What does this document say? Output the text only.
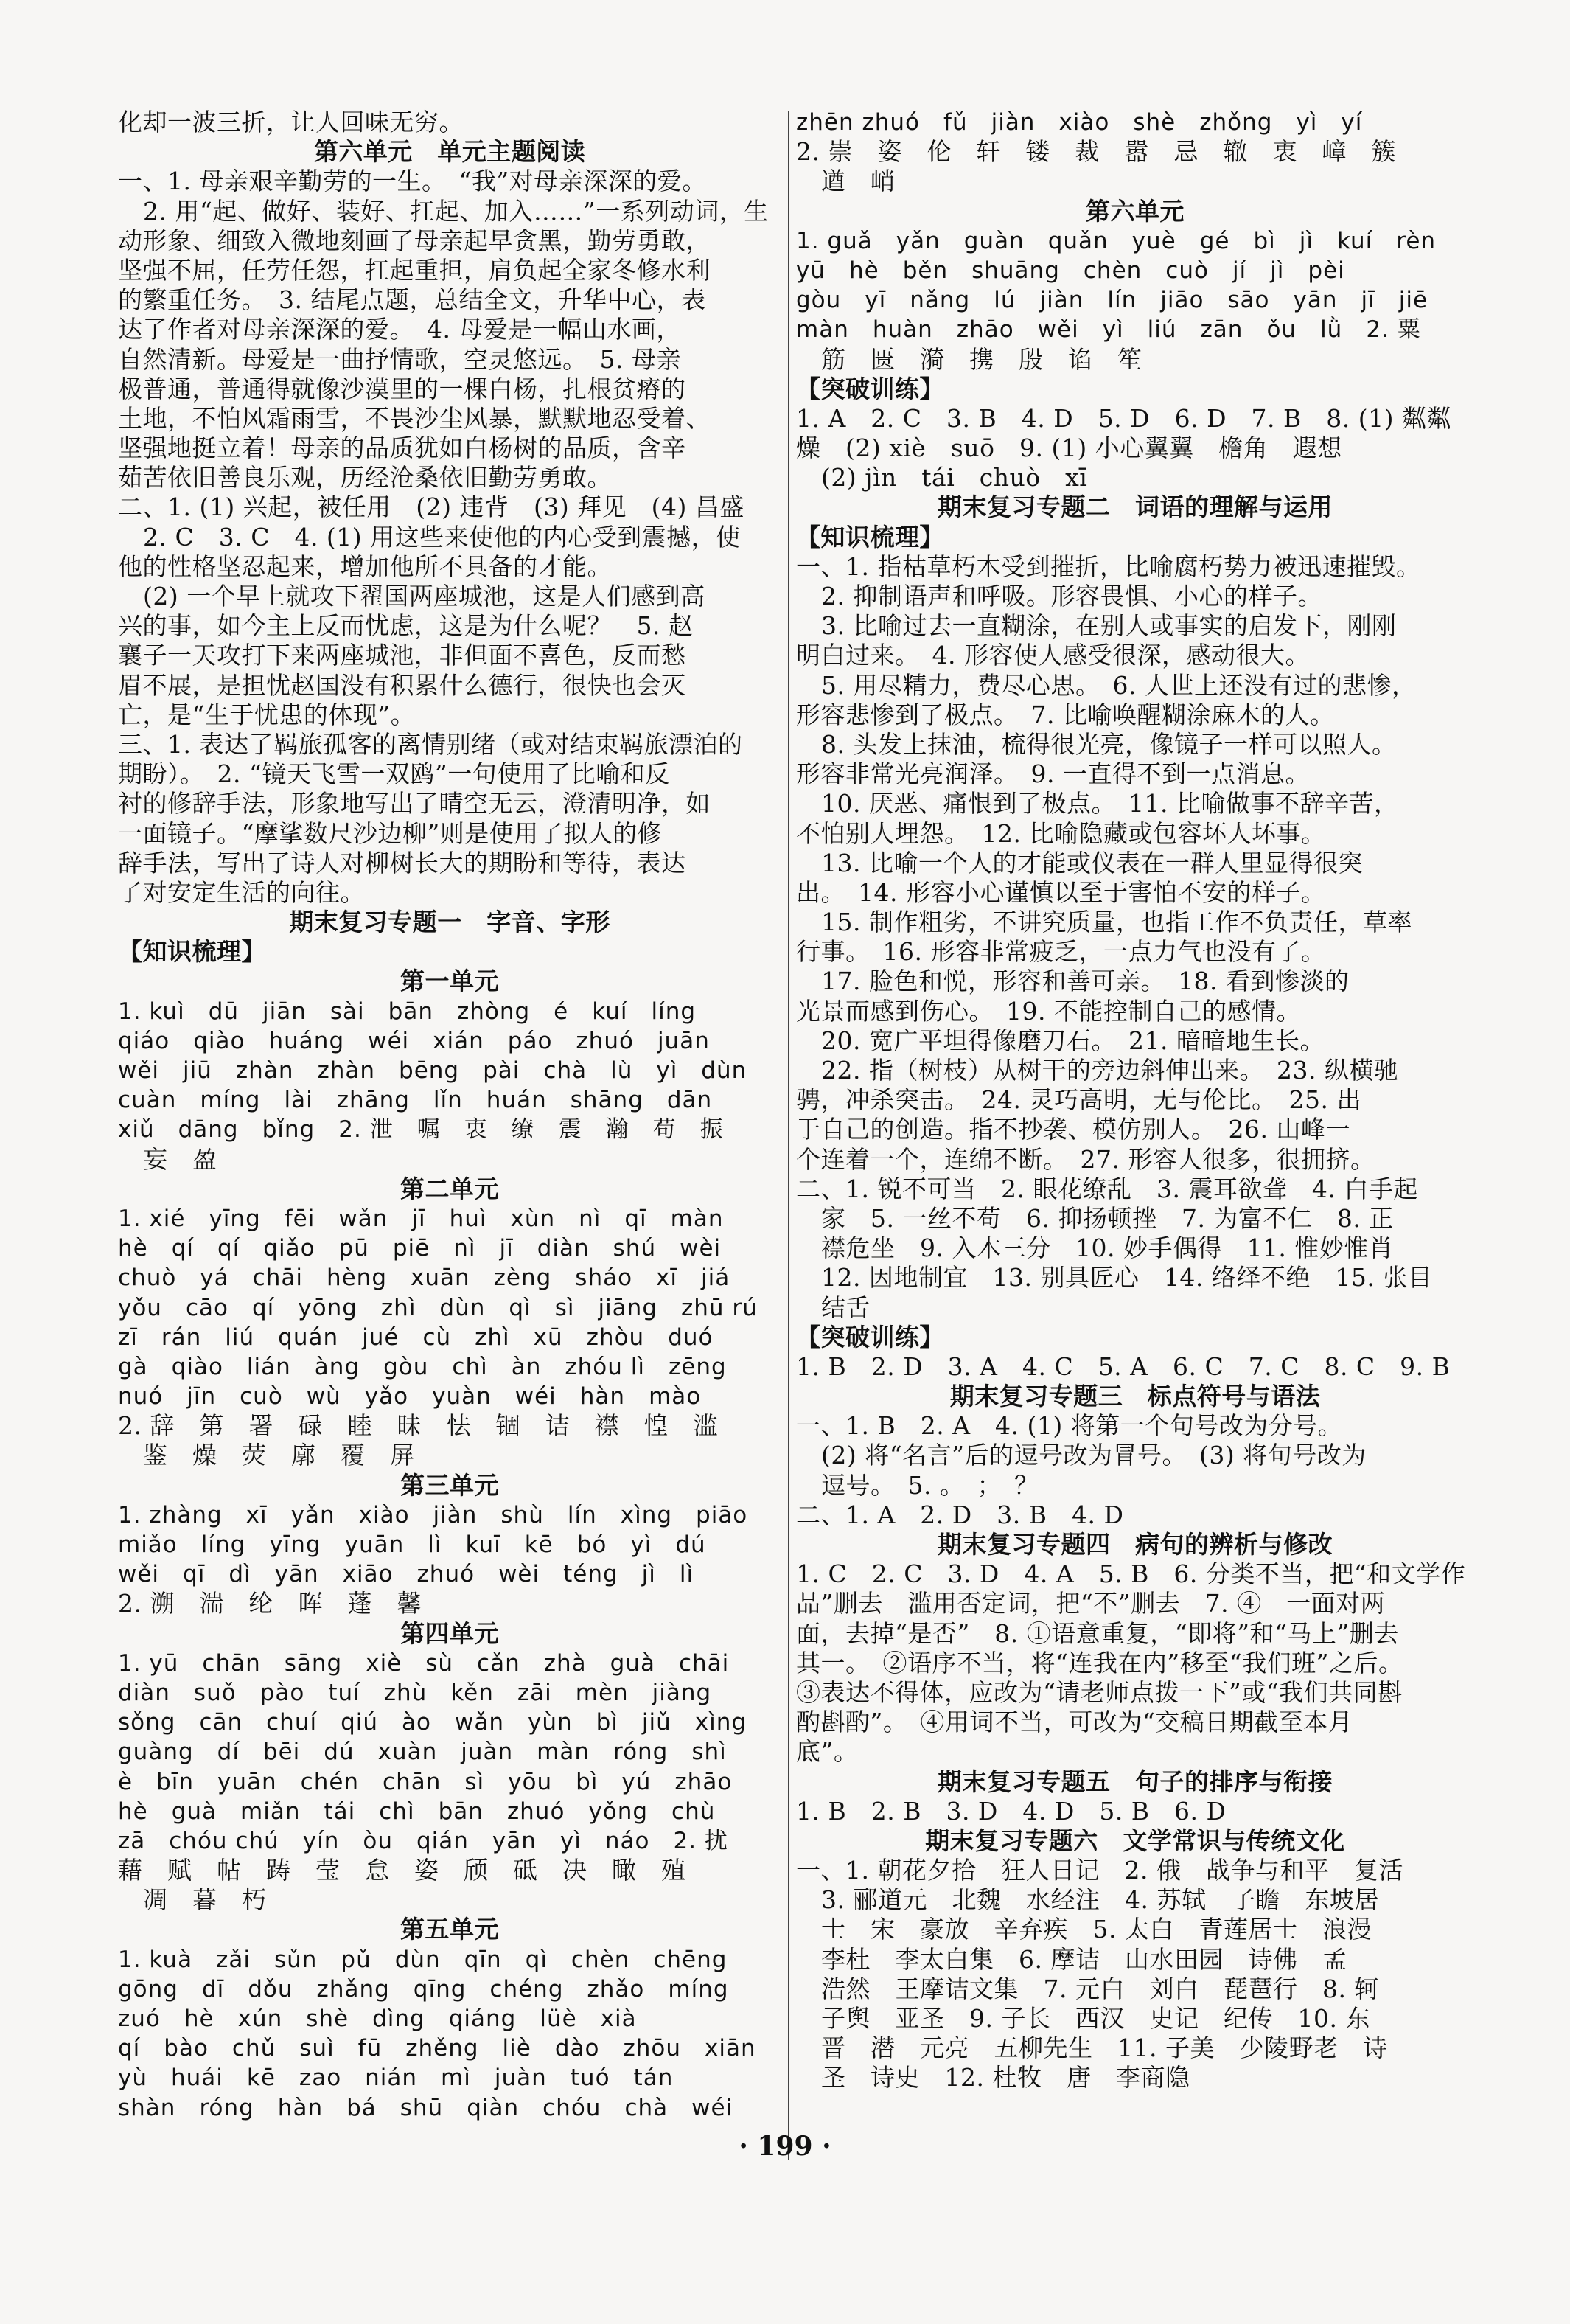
化却一波三折，让人回味无穷。
第六单元　单元主题阅读
一、1. 母亲艰辛勤劳的一生。　“我”对母亲深深的爱。
2. 用“起、做好、装好、扛起、加入……”一系列动词，生
动形象、细致入微地刻画了母亲起早贪黑，勤劳勇敢，
坚强不屈，任劳任怨，扛起重担，肩负起全家冬修水利
的繁重任务。　3. 结尾点题，总结全文，升华中心，表
达了作者对母亲深深的爱。　4. 母爱是一幅山水画，
自然清新。母爱是一曲抒情歌，空灵悠远。　5. 母亲
极普通，普通得就像沙漠里的一棵白杨，扎根贫瘠的
土地，不怕风霜雨雪，不畏沙尘风暴，默默地忍受着、
坚强地挺立着！母亲的品质犹如白杨树的品质，含辛
茹苦依旧善良乐观，历经沧桑依旧勤劳勇敢。
二、1. (1) 兴起，被任用　(2) 违背　(3) 拜见　(4) 昌盛
2. C　3. C　4. (1) 用这些来使他的内心受到震撼，使
他的性格坚忍起来，增加他所不具备的才能。
(2) 一个早上就攻下翟国两座城池，这是人们感到高
兴的事，如今主上反而忧虑，这是为什么呢？　5. 赵
襄子一天攻打下来两座城池，非但面不喜色，反而愁
眉不展，是担忧赵国没有积累什么德行，很快也会灭
亡，是“生于忧患的体现”。
三、1. 表达了羁旅孤客的离情别绪（或对结束羁旅漂泊的
期盼）。　2. “镜天飞雪一双鸥”一句使用了比喻和反
衬的修辞手法，形象地写出了晴空无云，澄清明净，如
一面镜子。“摩挲数尺沙边柳”则是使用了拟人的修
辞手法，写出了诗人对柳树长大的期盼和等待，表达
了对安定生活的向往。
期末复习专题一　字音、字形
【知识梳理】
第一单元
1. kuì　dū　jiān　sài　bān　zhòng　é　kuí　líng
qiáo　qiào　huáng　wéi　xián　páo　zhuó　juān
wěi　jiū　zhàn　zhàn　bēng　pài　chà　lù　yì　dùn
cuàn　míng　lài　zhāng　lǐn　huán　shāng　dān
xiǔ　dāng　bǐng　2. 泄　嘱　衷　缭　震　瀚　苟　振
妄　盈
第二单元
1. xié　yīng　fēi　wǎn　jī　huì　xùn　nì　qī　màn
hè　qí　qí　qiǎo　pū　piē　nì　jī　diàn　shú　wèi
chuò　yá　chāi　hèng　xuān　zèng　sháo　xī　jiá
yǒu　cāo　qí　yōng　zhì　dùn　qì　sì　jiāng　zhū rú
zī　rán　liú　quán　jué　cù　zhì　xū　zhòu　duó
gà　qiào　lián　àng　gòu　chì　àn　zhóu lì　zēng
nuó　jīn　cuò　wù　yǎo　yuàn　wéi　hàn　mào
2. 辞　第　署　碌　睦　昧　怯　锢　诘　襟　惶　滥
鉴　燥　荧　廓　覆　屏
第三单元
1. zhàng　xī　yǎn　xiào　jiàn　shù　lín　xìng　piāo
miǎo　líng　yīng　yuān　lì　kuī　kē　bó　yì　dú
wěi　qī　dì　yān　xiāo　zhuó　wèi　téng　jì　lì
2. 溯　湍　纶　晖　蓬　馨
第四单元
1. yū　chān　sāng　xiè　sù　cǎn　zhà　guà　chāi
diàn　suǒ　pào　tuí　zhù　kěn　zāi　mèn　jiàng
sǒng　cān　chuí　qiú　ào　wǎn　yùn　bì　jiǔ　xìng
guàng　dí　bēi　dú　xuàn　juàn　màn　róng　shì
è　bīn　yuān　chén　chān　sì　yōu　bì　yú　zhāo
hè　guà　miǎn　tái　chì　bān　zhuó　yǒng　chù
zā　chóu chú　yín　òu　qián　yān　yì　náo　2. 扰
藉　赋　帖　踌　莹　怠　姿　颀　砥　决　瞰　殖
凋　暮　朽
第五单元
1. kuà　zǎi　sǔn　pǔ　dùn　qīn　qì　chèn　chēng
gōng　dī　dǒu　zhǎng　qīng　chéng　zhǎo　míng
zuó　hè　xún　shè　dìng　qiáng　lüè　xià
qí　bào　chǔ　suì　fū　zhěng　liè　dào　zhōu　xiān
yù　huái　kē　zao　nián　mì　juàn　tuó　tán
shàn　róng　hàn　bá　shū　qiàn　chóu　chà　wéi
zhēn zhuó　fǔ　jiàn　xiào　shè　zhǒng　yì　yí
2. 崇　姿　伦　轩　镂　裁　嚣　忌　辙　衷　嶂　簇
遒　峭
第六单元
1. guǎ　yǎn　guàn　quǎn　yuè　gé　bì　jì　kuí　rèn
yū　hè　běn　shuāng　chèn　cuò　jí　jì　pèi
gòu　yī　nǎng　lú　jiàn　lín　jiāo　sāo　yān　jī　jiē
màn　huàn　zhāo　wěi　yì　liú　zān　ǒu　lǜ　2. 粟
筋　匮　漪　携　殷　谄　笙
【突破训练】
1. A　2. C　3. B　4. D　5. D　6. D　7. B　8. (1) 粼粼
燥　(2) xiè　suō　9. (1) 小心翼翼　檐角　遐想
(2) jìn　tái　chuò　xī
期末复习专题二　词语的理解与运用
【知识梳理】
一、1. 指枯草朽木受到摧折，比喻腐朽势力被迅速摧毁。
2. 抑制语声和呼吸。形容畏惧、小心的样子。
3. 比喻过去一直糊涂，在别人或事实的启发下，刚刚
明白过来。　4. 形容使人感受很深，感动很大。
5. 用尽精力，费尽心思。　6. 人世上还没有过的悲惨，
形容悲惨到了极点。　7. 比喻唤醒糊涂麻木的人。
8. 头发上抹油，梳得很光亮，像镜子一样可以照人。
形容非常光亮润泽。　9. 一直得不到一点消息。
10. 厌恶、痛恨到了极点。　11. 比喻做事不辞辛苦，
不怕别人埋怨。　12. 比喻隐藏或包容坏人坏事。
13. 比喻一个人的才能或仪表在一群人里显得很突
出。　14. 形容小心谨慎以至于害怕不安的样子。
15. 制作粗劣，不讲究质量，也指工作不负责任，草率
行事。　16. 形容非常疲乏，一点力气也没有了。
17. 脸色和悦，形容和善可亲。　18. 看到惨淡的
光景而感到伤心。　19. 不能控制自己的感情。
20. 宽广平坦得像磨刀石。　21. 暗暗地生长。
22. 指（树枝）从树干的旁边斜伸出来。　23. 纵横驰
骋，冲杀突击。　24. 灵巧高明，无与伦比。　25. 出
于自己的创造。指不抄袭、模仿别人。　26. 山峰一
个连着一个，连绵不断。　27. 形容人很多，很拥挤。
二、1. 锐不可当　2. 眼花缭乱　3. 震耳欲聋　4. 白手起
家　5. 一丝不苟　6. 抑扬顿挫　7. 为富不仁　8. 正
襟危坐　9. 入木三分　10. 妙手偶得　11. 惟妙惟肖
12. 因地制宜　13. 别具匠心　14. 络绎不绝　15. 张目
结舌
【突破训练】
1. B　2. D　3. A　4. C　5. A　6. C　7. C　8. C　9. B
期末复习专题三　标点符号与语法
一、1. B　2. A　4. (1) 将第一个句号改为分号。
(2) 将“名言”后的逗号改为冒号。　(3) 将句号改为
逗号。　5. 。　；　？
二、1. A　2. D　3. B　4. D
期末复习专题四　病句的辨析与修改
1. C　2. C　3. D　4. A　5. B　6. 分类不当，把“和文学作
品”删去　滥用否定词，把“不”删去　7. ④　一面对两
面，去掉“是否”　8. ①语意重复，“即将”和“马上”删去
其一。　②语序不当，将“连我在内”移至“我们班”之后。
③表达不得体，应改为“请老师点拨一下”或“我们共同斟
酌斟酌”。　④用词不当，可改为“交稿日期截至本月
底”。
期末复习专题五　句子的排序与衔接
1. B　2. B　3. D　4. D　5. B　6. D
期末复习专题六　文学常识与传统文化
一、1. 朝花夕拾　狂人日记　2. 俄　战争与和平　复活
3. 郦道元　北魏　水经注　4. 苏轼　子瞻　东坡居
士　宋　豪放　辛弃疾　5. 太白　青莲居士　浪漫
李杜　李太白集　6. 摩诘　山水田园　诗佛　孟
浩然　王摩诘文集　7. 元白　刘白　琵琶行　8. 轲
子舆　亚圣　9. 子长　西汉　史记　纪传　10. 东
晋　潜　元亮　五柳先生　11. 子美　少陵野老　诗
圣　诗史　12. 杜牧　唐　李商隐
· 199 ·
